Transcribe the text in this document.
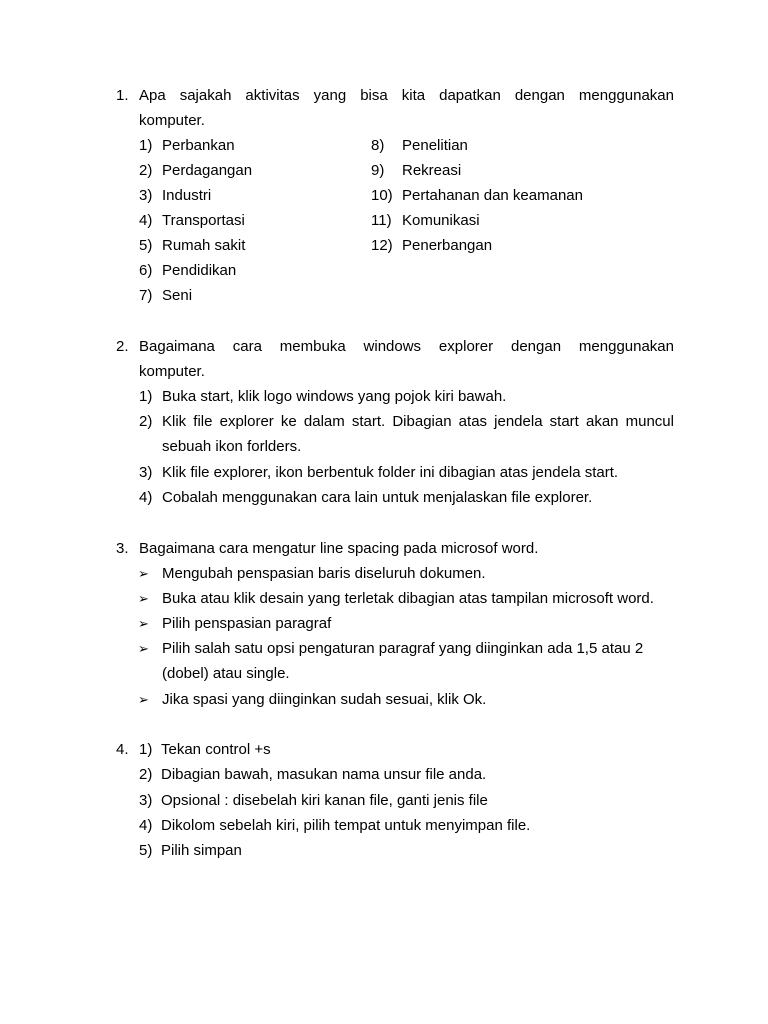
1. Apa sajakah aktivitas yang bisa kita dapatkan dengan menggunakan
komputer.
1) Perbankan
2) Perdagangan
3) Industri
4) Transportasi
5) Rumah sakit
6) Pendidikan
7) Seni
8) Penelitian
9) Rekreasi
10) Pertahanan dan keamanan
11) Komunikasi
12) Penerbangan
2. Bagaimana cara membuka windows explorer dengan menggunakan
komputer.
1) Buka start, klik logo windows yang pojok kiri bawah.
2) Klik file explorer ke dalam start. Dibagian atas jendela start akan muncul
sebuah ikon forlders.
3) Klik file explorer, ikon berbentuk folder ini dibagian atas jendela start.
4) Cobalah menggunakan cara lain untuk menjalaskan file explorer.
3. Bagaimana cara mengatur line spacing pada microsof word.
➢ Mengubah penspasian baris diseluruh dokumen.
➢ Buka atau klik desain yang terletak dibagian atas tampilan microsoft word.
➢ Pilih penspasian paragraf
➢ Pilih salah satu opsi pengaturan paragraf yang diinginkan ada 1,5 atau 2
(dobel) atau single.
➢ Jika spasi yang diinginkan sudah sesuai, klik Ok.
4. 1) Tekan control +s
2) Dibagian bawah, masukan nama unsur file anda.
3) Opsional : disebelah kiri kanan file, ganti jenis file
4) Dikolom sebelah kiri, pilih tempat untuk menyimpan file.
5) Pilih simpan
